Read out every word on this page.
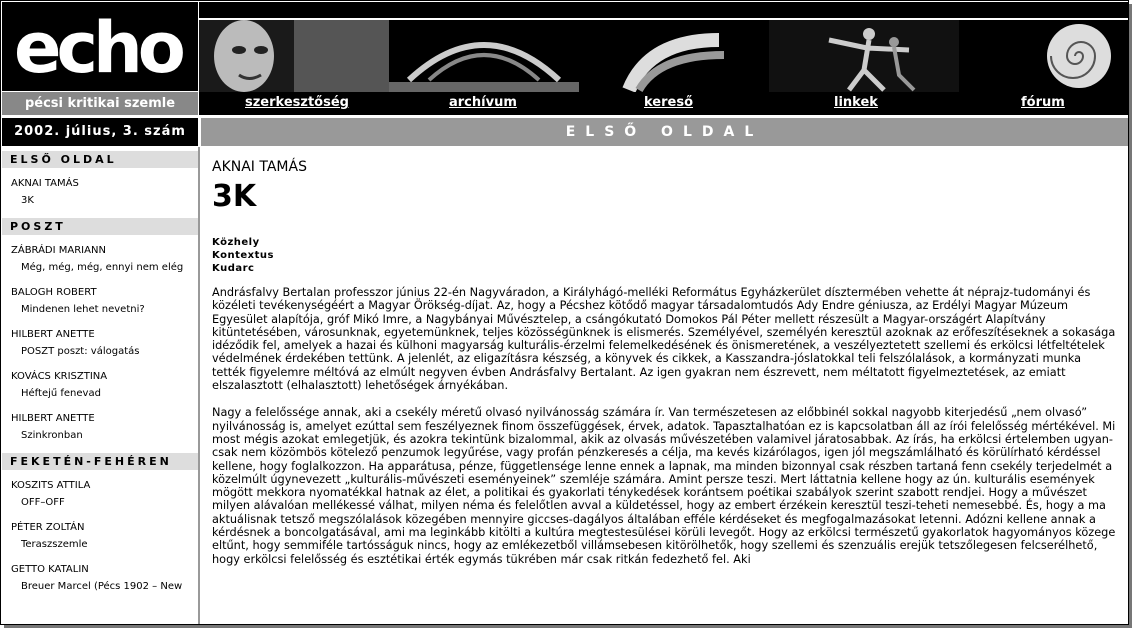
echo
pécsi kritikai szemle	szerkesztőség	archívum	kereső	linkek	fórum
2002. július, 3. szám
ELSŐ OLDAL
AKNAI TAMÁS
3K
POSZT
ZÁBRÁDI MARIANN
Még, még, még, ennyi nem elég
BALOGH ROBERT
Mindenen lehet nevetni?
HILBERT ANETTE
POSZT poszt: válogatás
KOVÁCS KRISZTINA
Héftejű fenevad
HILBERT ANETTE
Szinkronban
FEKETÉN-FEHÉREN
KOSZITS ATTILA
OFF–OFF
PÉTER ZOLTÁN
Teraszszemle
GETTO KATALIN
Breuer Marcel (Pécs 1902 – New
ELSŐ OLDAL
AKNAI TAMÁS
3K
Közhely
Kontextus
Kudarc
Andrásfalvy Bertalan professzor június 22-én Nagyváradon, a Királyhágó-melléki Református Egyházkerület dísztermében vehette át néprajz-tudományi és közéleti tevékenységéért a Magyar Örökség-díjat. Az, hogy a Pécshez kötődő magyar társadalomtudós Ady Endre géniusza, az Erdélyi Magyar Múzeum Egyesület alapítója, gróf Mikó Imre, a Nagybányai Művésztelep, a csángókutató Domokos Pál Péter mellett részesült a Magyar-országért Alapítvány kitüntetésében, városunknak, egyetemünknek, teljes közösségünknek is elismerés. Személyével, személyén keresztül azoknak az erőfeszítéseknek a sokasága idéződik fel, amelyek a hazai és külhoni magyarság kulturális-érzelmi felemelkedésének és önismeretének, a veszélyeztetett szellemi és erkölcsi létfeltételek védelmének érdekében tettünk. A jelenlét, az eligazításra készség, a könyvek és cikkek, a Kasszandra-jóslatokkal teli felszólalások, a kormányzati munka tették figyelemre méltóvá az elmúlt negyven évben Andrásfalvy Bertalant. Az igen gyakran nem észrevett, nem méltatott figyelmeztetések, az emiatt elszalasztott (elhalasztott) lehetőségek árnyékában.
Nagy a felelőssége annak, aki a csekély méretű olvasó nyilvánosság számára ír. Van természetesen az előbbinél sokkal nagyobb kiterjedésű „nem olvasó” nyilvánosság is, amelyet ezúttal sem feszélyeznek finom összefüggések, érvek, adatok. Tapasztalhatóan ez is kapcsolatban áll az írói felelősség mértékével. Mi most mégis azokat emlegetjük, és azokra tekintünk bizalommal, akik az olvasás művészetében valamivel járatosabbak. Az írás, ha erkölcsi értelemben ugyan-csak nem közömbös kötelező penzumok legyűrése, vagy profán pénzkeresés a célja, ma kevés kizárólagos, igen jól megszámlálható és körülírható kérdéssel kellene, hogy foglalkozzon. Ha apparátusa, pénze, függetlensége lenne ennek a lapnak, ma minden bizonnyal csak részben tartaná fenn csekély terjedelmét a közelmúlt úgynevezett „kulturális-művészeti eseményeinek” szemléje számára. Amint persze teszi. Mert láttatnia kellene hogy az ún. kulturális események mögött mekkora nyomatékkal hatnak az élet, a politikai és gyakorlati ténykedések korántsem poétikai szabályok szerint szabott rendjei. Hogy a művészet milyen alávalóan mellékessé válhat, milyen néma és felelőtlen avval a küldetéssel, hogy az embert érzékein keresztül teszi-teheti nemesebbé. És, hogy a ma aktuálisnak tetsző megszólalások közegében mennyire giccses-dagályos általában efféle kérdéseket és megfogalmazásokat letenni. Adózni kellene annak a kérdésnek a boncolgatásával, ami ma leginkább kitölti a kultúra megtestesülései körüli levegőt. Hogy az erkölcsi természetű gyakorlatok hagyományos közege eltűnt, hogy semmiféle tartósságuk nincs, hogy az emlékezetből villámsebesen kitörölhetők, hogy szellemi és szenzuális erejük tetszőlegesen felcserélhető, hogy erkölcsi felelősség és esztétikai érték egymás tükrében már csak ritkán fedezhető fel. Aki
